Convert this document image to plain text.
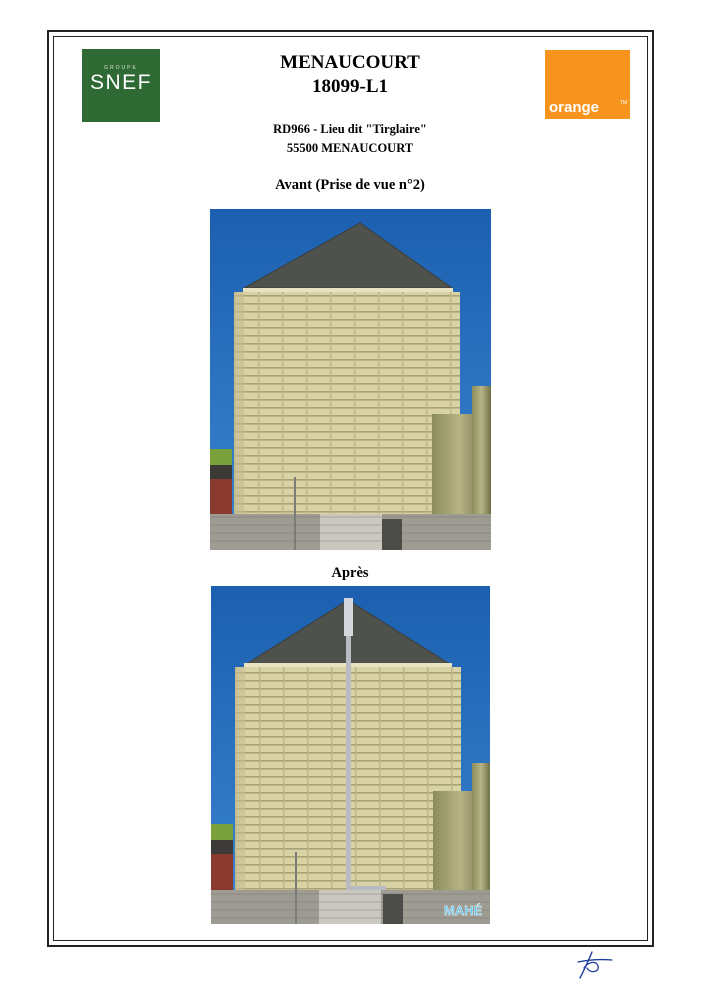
GROUPE
SNEF
orange	TM
MENAUCOURT
18099-L1
RD966 - Lieu dit "Tirglaire"
55500 MENAUCOURT
Avant (Prise de vue n°2)
Après
MAHÉ
